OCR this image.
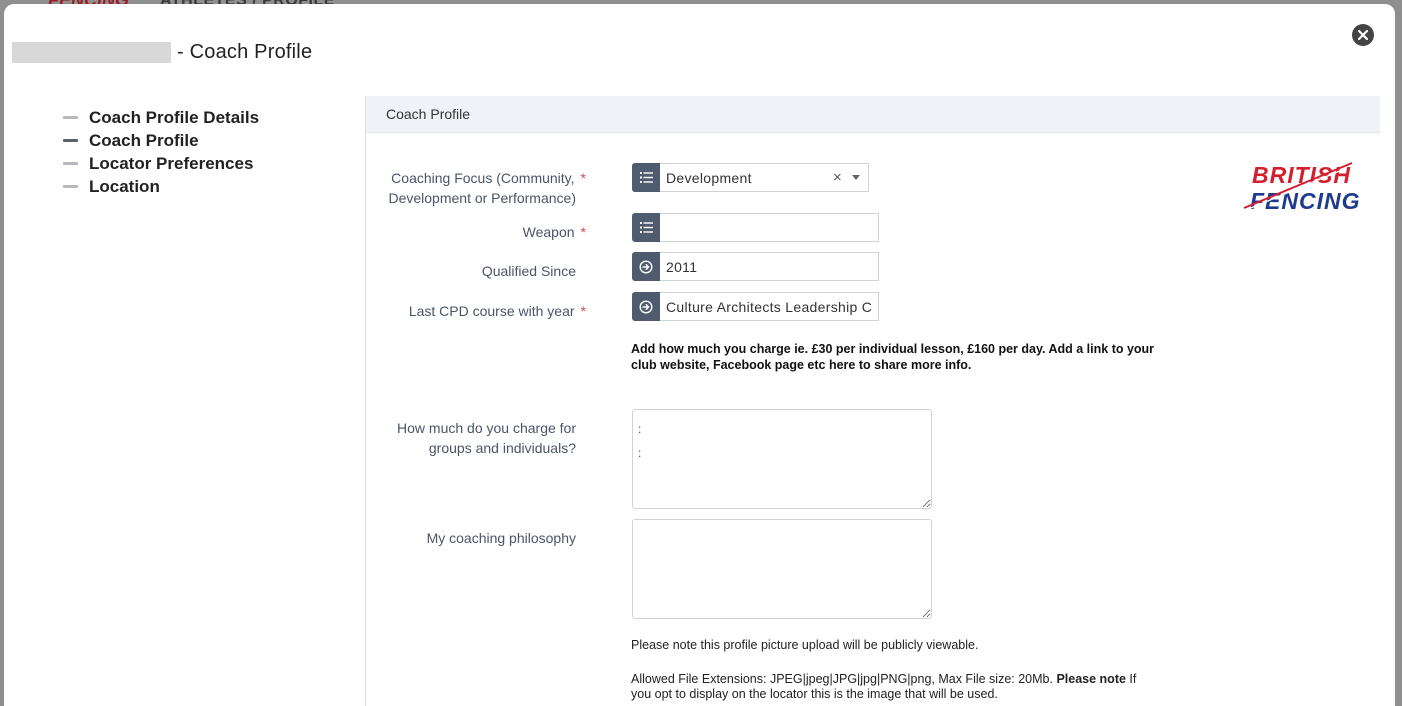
- Coach Profile
Coach Profile Details
Coach Profile
Locator Preferences
Location
Coach Profile
Coaching Focus (Community, *
Development or Performance)
Development	×
Weapon *
Qualified Since	2011
Last CPD course with year *	Culture Architects Leadership C
Add how much you charge ie. £30 per individual lesson, £160 per day. Add a link to your
club website, Facebook page etc here to share more info.
How much do you charge for
groups and individuals?
: :
My coaching philosophy
Please note this profile picture upload will be publicly viewable.
Allowed File Extensions: JPEG|jpeg|JPG|jpg|PNG|png, Max File size: 20Mb. Please note If
you opt to display on the locator this is the image that will be used.
BRITISH
FENCING
